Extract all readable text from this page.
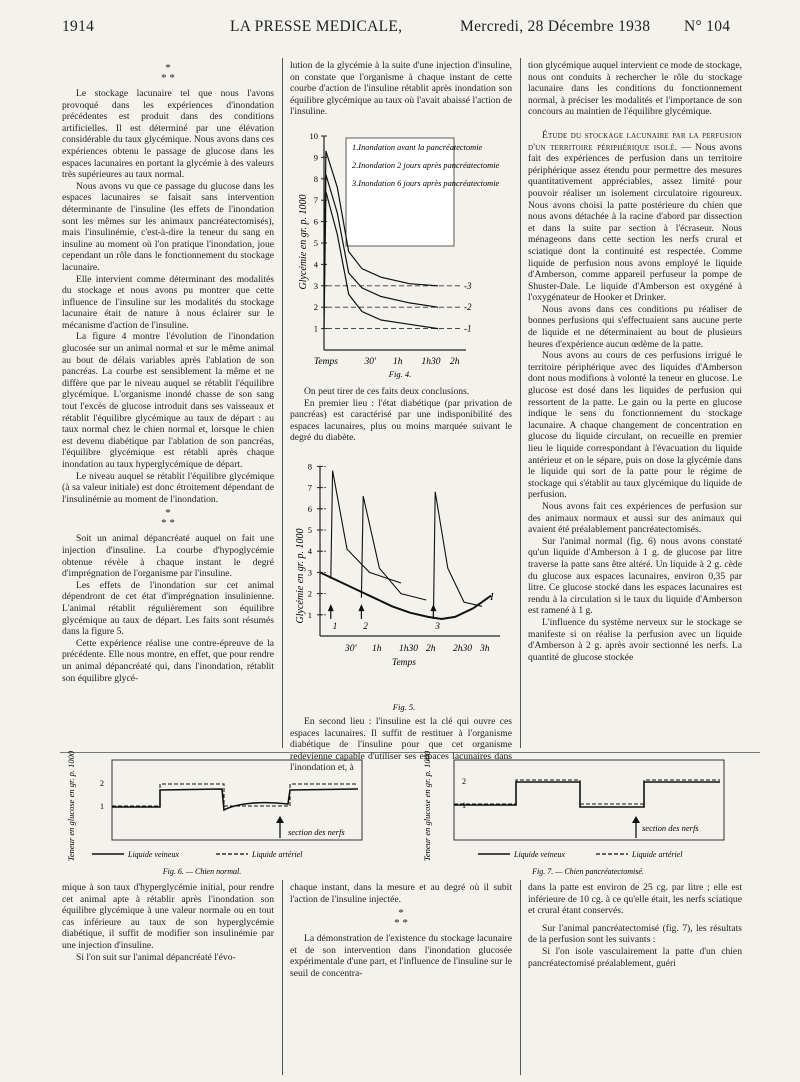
1914	LA PRESSE MEDICALE,	Mercredi, 28 Décembre 1938 N° 104
*
* *

Le stockage lacunaire tel que nous l'avons provoqué dans les expériences d'inondation précédentes est produit dans des conditions artificielles. Il est déterminé par une élévation considérable du taux glycémique. Nous avons dans ces expériences obtenu le passage de glucose dans les espaces lacunaires en portant la glycémie à des valeurs très supérieures au taux normal.

Nous avons vu que ce passage du glucose dans les espaces lacunaires se faisait sans intervention déterminante de l'insuline (les effets de l'inondation sont les mêmes sur les animaux pancréatectomisés), mais l'insulinémie, c'est-à-dire la teneur du sang en insuline au moment où l'on pratique l'inondation, joue cependant un rôle dans le fonctionnement du stockage lacunaire.

Elle intervient comme déterminant des modalités du stockage et nous avons pu montrer que cette influence de l'insuline sur les modalités du stockage lacunaire était de nature à nous éclairer sur le mécanisme d'action de l'insuline.

La figure 4 montre l'évolution de l'inondation glucosée sur un animal normal et sur le même animal au bout de délais variables après l'ablation de son pancréas. La courbe est sensiblement la même et ne diffère que par le niveau auquel se rétablit l'équilibre glycémique. L'organisme inondé chasse de son sang tout l'excès de glucose introduit dans ses vaisseaux et rétablit l'équilibre glycémique au taux de départ : au taux normal chez le chien normal et, lorsque le chien est devenu diabétique par l'ablation de son pancréas, l'équilibre glycémique est rétabli après chaque inondation au taux hyperglycémique de départ.

Le niveau auquel se rétablit l'équilibre glycémique (à sa valeur initiale) est donc étroitement dépendant de l'insulinémie au moment de l'inondation.

*
* *

Soit un animal dépancréaté auquel on fait une injection d'insuline. La courbe d'hypoglycémie obtenue révèle à chaque instant le degré d'imprégnation de l'organisme par l'insuline.

Les effets de l'inondation sur cet animal dépendront de cet état d'imprégnation insulinienne. L'animal rétablit régulièrement son équilibre glycémique au taux de départ. Les faits sont résumés dans la figure 5.

Cette expérience réalise une contre-épreuve de la précédente. Elle nous montre, en effet, que pour rendre un animal dépancréaté qui, dans l'inondation, rétablit son équilibre glycé-

lution de la glycémie à la suite d'une injection d'insuline, on constate que l'organisme à chaque instant de cette courbe d'action de l'insuline rétablit après inondation son équilibre glycémique au taux où l'avait abaissé l'action de l'insuline.

Glycémie en gr. p. 1000
1
2
3
4
5
6
7
8
9
10
1.Inondation avant la pancréatectomie
2.Inondation 2 jours après pancréatectomie
3.Inondation 6 jours après pancréatectomie
-1
-2
-3
Temps	30' 1h 1h30 2h
Fig. 4.

On peut tirer de ces faits deux conclusions.

En premier lieu : l'état diabétique (par privation de pancréas) est caractérisé par une indisponibilité des espaces lacunaires, plus ou moins marquée suivant le degré du diabète.

Glycémie en gr. p. 1000 1
2
3
4
5
6
7
8
1	2	3
I
30' 1h 1h30 2h 2h30 3h
Temps
Fig. 5.

En second lieu : l'insuline est la clé qui ouvre ces espaces lacunaires. Il suffit de restituer à l'organisme diabétique de l'insuline pour que cet organisme redevienne capable d'utiliser ses espaces lacunaires dans l'inondation et, à

tion glycémique auquel intervient ce mode de stockage, nous ont conduits à rechercher le rôle du stockage lacunaire dans les conditions du fonctionnement normal, à préciser les modalités et l'importance de son concours au maintien de l'équilibre glycémique.

Étude du stockage lacunaire par la perfusion d'un territoire périphérique isolé. — Nous avons fait des expériences de perfusion dans un territoire périphérique assez étendu pour permettre des mesures quantitativement appréciables, assez limité pour pouvoir réaliser un isolement circulatoire rigoureux. Nous avons choisi la patte postérieure du chien que nous avons détachée à la racine d'abord par dissection et dans la suite par section à l'écraseur. Nous ménageons dans cette section les nerfs crural et sciatique dont la continuité est respectée. Comme liquide de perfusion nous avons employé le liquide d'Amberson, comme appareil perfuseur la pompe de Shuster-Dale. Le liquide d'Amberson est oxygéné à l'oxygénateur de Hooker et Drinker.

Nous avons dans ces conditions pu réaliser de bonnes perfusions qui s'effectuaient sans aucune perte de liquide et ne déterminaient au bout de plusieurs heures d'expérience aucun œdème de la patte.

Nous avons au cours de ces perfusions irrigué le territoire périphérique avec des liquides d'Amberson dont nous modifions à volonté la teneur en glucose. Le glucose est dosé dans les liquides de perfusion qui ressortent de la patte. Le gain ou la perte en glucose indique le sens du fonctionnement du stockage lacunaire. A chaque changement de concentration en glucose du liquide circulant, on recueille en premier lieu le liquide correspondant à l'évacuation du liquide antérieur et on le sépare, puis on dose la glycémie dans le liquide qui sort de la patte pour le régime de stockage qui s'établit au taux glycémique du liquide de perfusion.

Nous avons fait ces expériences de perfusion sur des animaux normaux et aussi sur des animaux qui avaient été préalablement pancréatectomisés.

Sur l'animal normal (fig. 6) nous avons constaté qu'un liquide d'Amberson à 1 g. de glucose par litre traverse la patte sans être altéré. Un liquide à 2 g. cède du glucose aux espaces lacunaires, environ 0,35 par litre. Ce glucose stocké dans les espaces lacunaires est rendu à la circulation si le taux du liquide d'Amberson est ramené à 1 g.

L'influence du système nerveux sur le stockage se manifeste si on réalise la perfusion avec un liquide d'Amberson à 2 g. après avoir sectionné les nerfs. La quantité de glucose stockée

Teneur en glucose en gr. p. 1000	2
1
section des nerfs
Liquide veineux	Liquide artériel
Fig. 6. — Chien normal.
Teneur en glucose en gr. p. 1000	2
1
section des nerfs
Liquide veineux	Liquide artériel
Fig. 7. — Chien pancréatectomisé.

mique à son taux d'hyperglycémie initial, pour rendre cet animal apte à rétablir après l'inondation son équilibre glycémique à une valeur normale ou en tout cas inférieure au taux de son hyperglycémie diabétique, il suffit de modifier son insulinémie par une injection d'insuline.

Si l'on suit sur l'animal dépancréaté l'évo-

chaque instant, dans la mesure et au degré où il subit l'action de l'insuline injectée.

*
* *

La démonstration de l'existence du stockage lacunaire et de son intervention dans l'inondation glucosée expérimentale d'une part, et l'influence de l'insuline sur le seuil de concentra-

dans la patte est environ de 25 cg. par litre ; elle est inférieure de 10 cg. à ce qu'elle était, les nerfs sciatique et crural étant conservés.

Sur l'animal pancréatectomisé (fig. 7), les résultats de la perfusion sont les suivants :

Si l'on isole vasculairement la patte d'un chien pancréatectomisé préalablement, guéri
